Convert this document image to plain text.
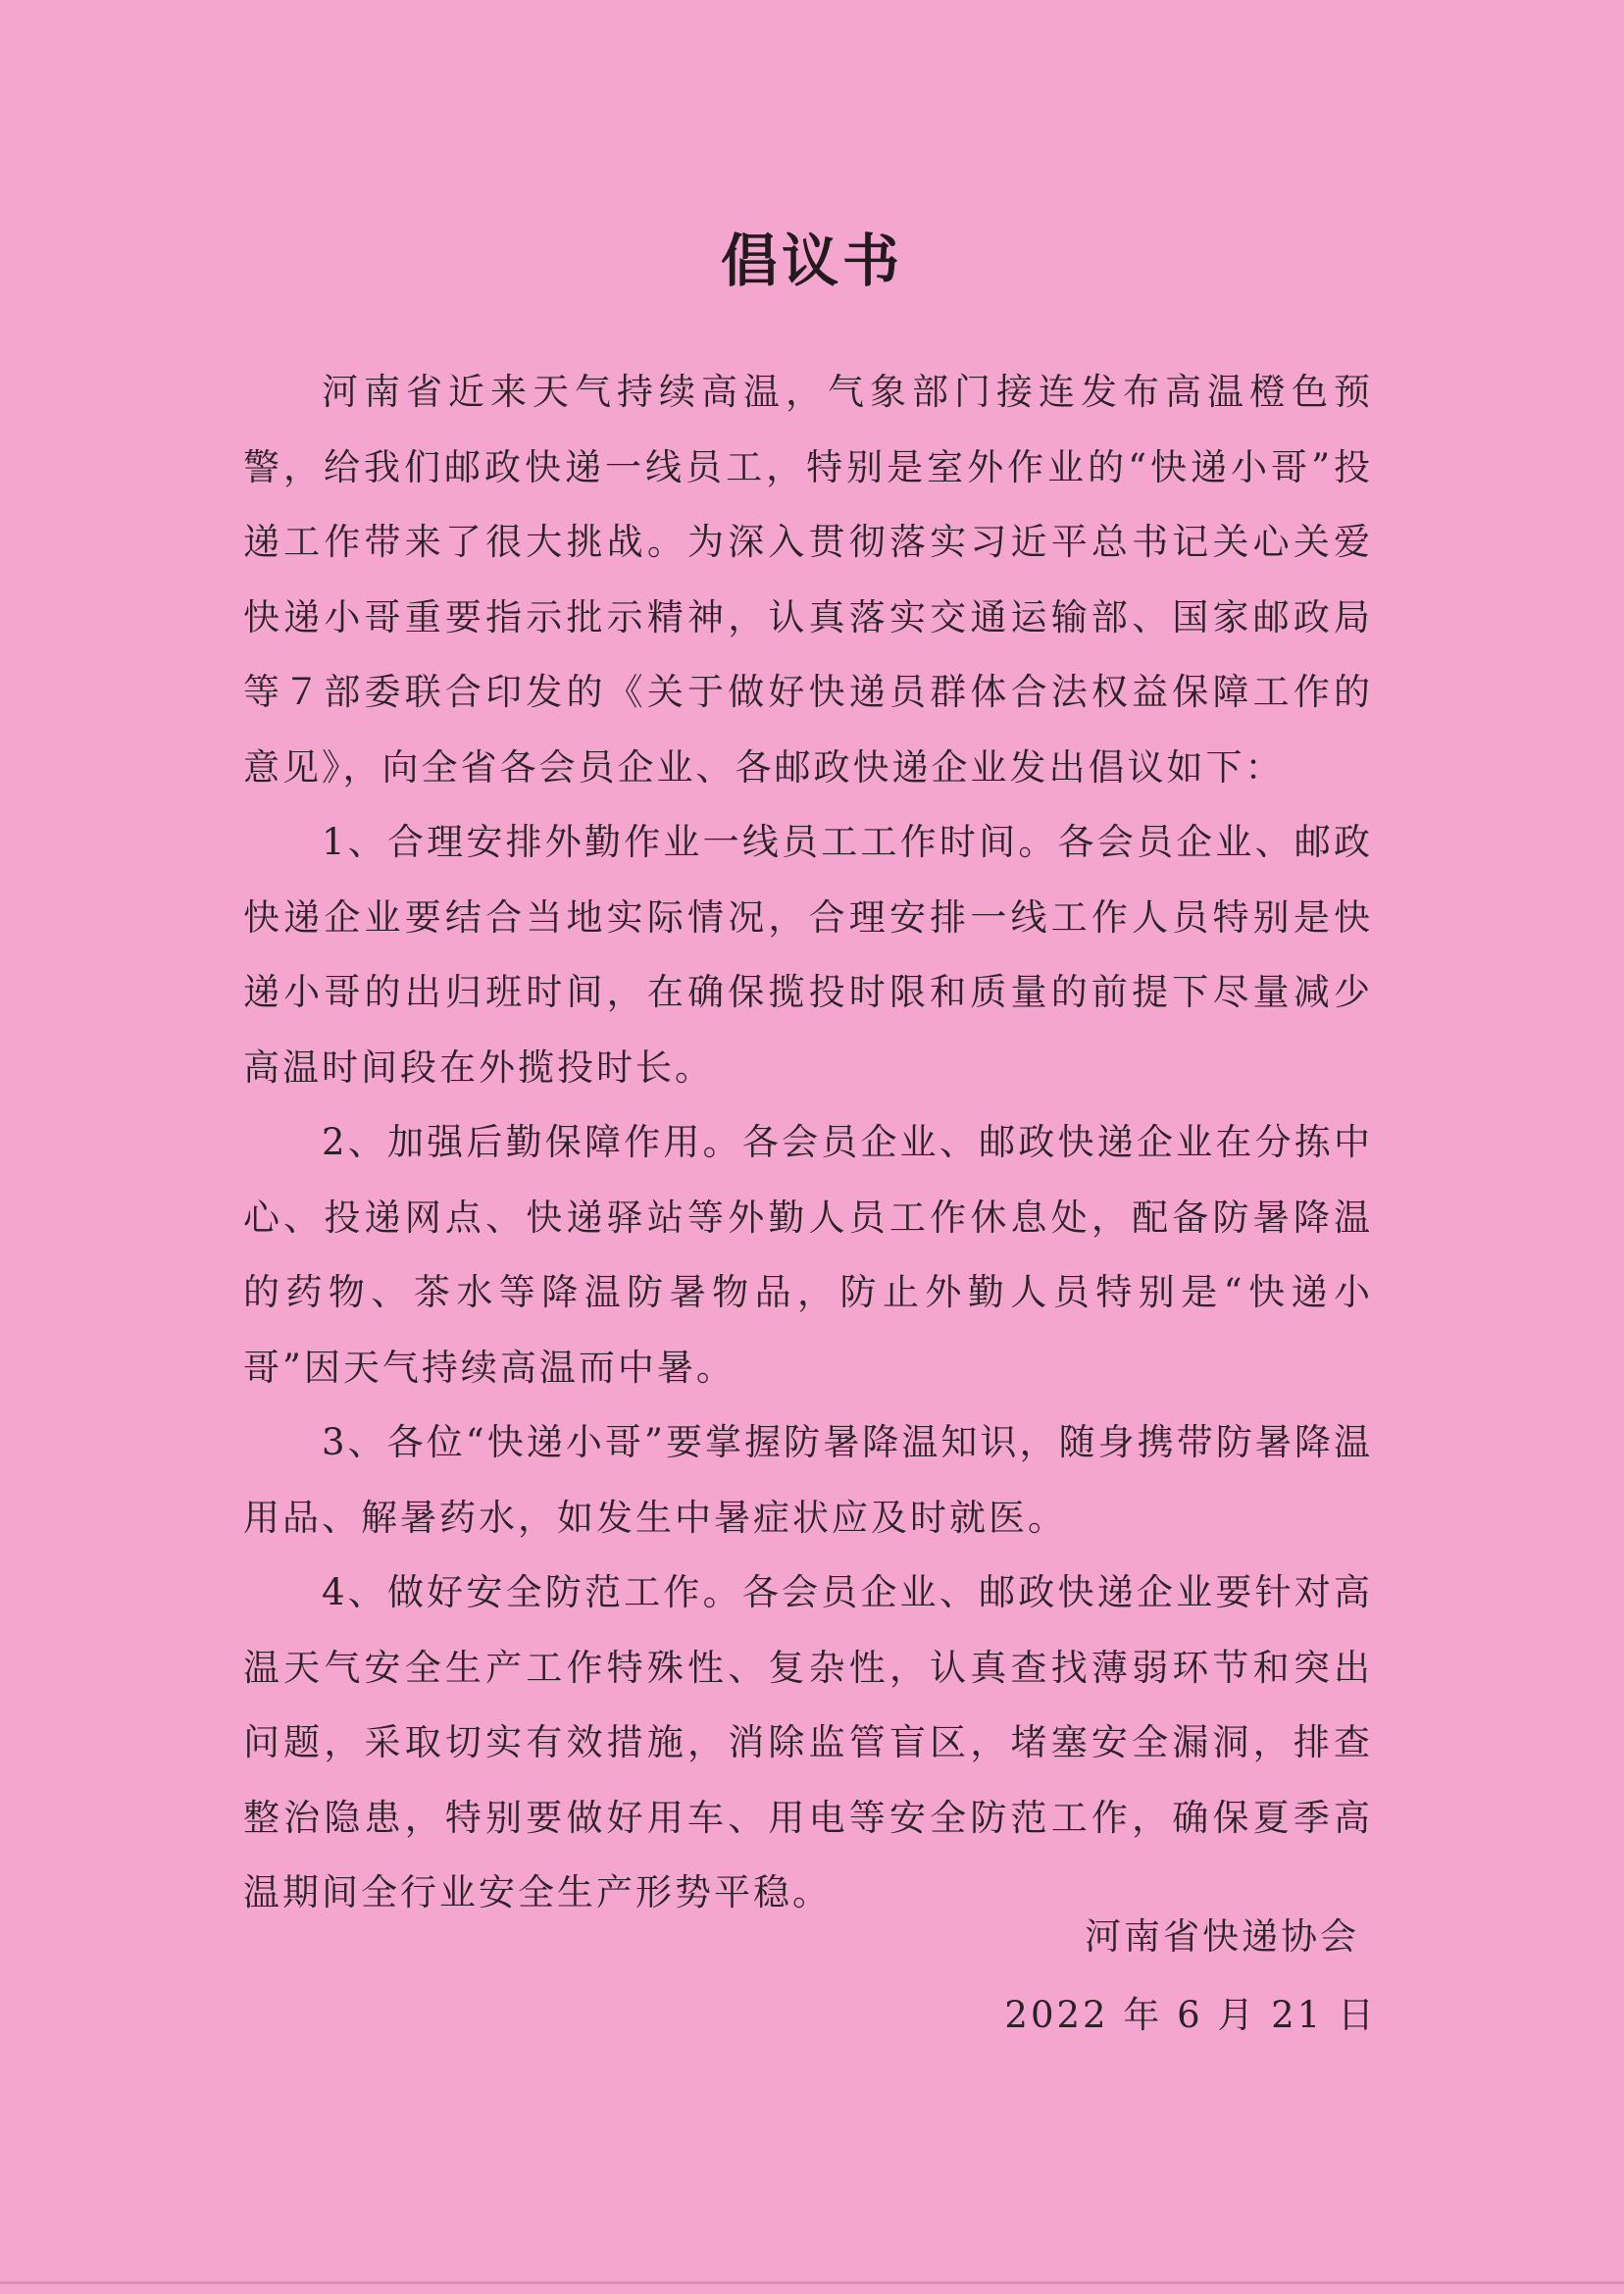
倡议书

河南省近来天气持续高温，气象部门接连发布高温橙色预警，给我们邮政快递一线员工，特别是室外作业的“快递小哥”投递工作带来了很大挑战。为深入贯彻落实习近平总书记关心关爱快递小哥重要指示批示精神，认真落实交通运输部、国家邮政局等７部委联合印发的《关于做好快递员群体合法权益保障工作的意见》，向全省各会员企业、各邮政快递企业发出倡议如下：

1、合理安排外勤作业一线员工工作时间。各会员企业、邮政快递企业要结合当地实际情况，合理安排一线工作人员特别是快递小哥的出归班时间，在确保揽投时限和质量的前提下尽量减少高温时间段在外揽投时长。

2、加强后勤保障作用。各会员企业、邮政快递企业在分拣中心、投递网点、快递驿站等外勤人员工作休息处，配备防暑降温的药物、茶水等降温防暑物品，防止外勤人员特别是“快递小哥”因天气持续高温而中暑。

3、各位“快递小哥”要掌握防暑降温知识，随身携带防暑降温用品、解暑药水，如发生中暑症状应及时就医。

4、做好安全防范工作。各会员企业、邮政快递企业要针对高温天气安全生产工作特殊性、复杂性，认真查找薄弱环节和突出问题，采取切实有效措施，消除监管盲区，堵塞安全漏洞，排查整治隐患，特别要做好用车、用电等安全防范工作，确保夏季高温期间全行业安全生产形势平稳。

河南省快递协会
2022 年 6 月 21 日
